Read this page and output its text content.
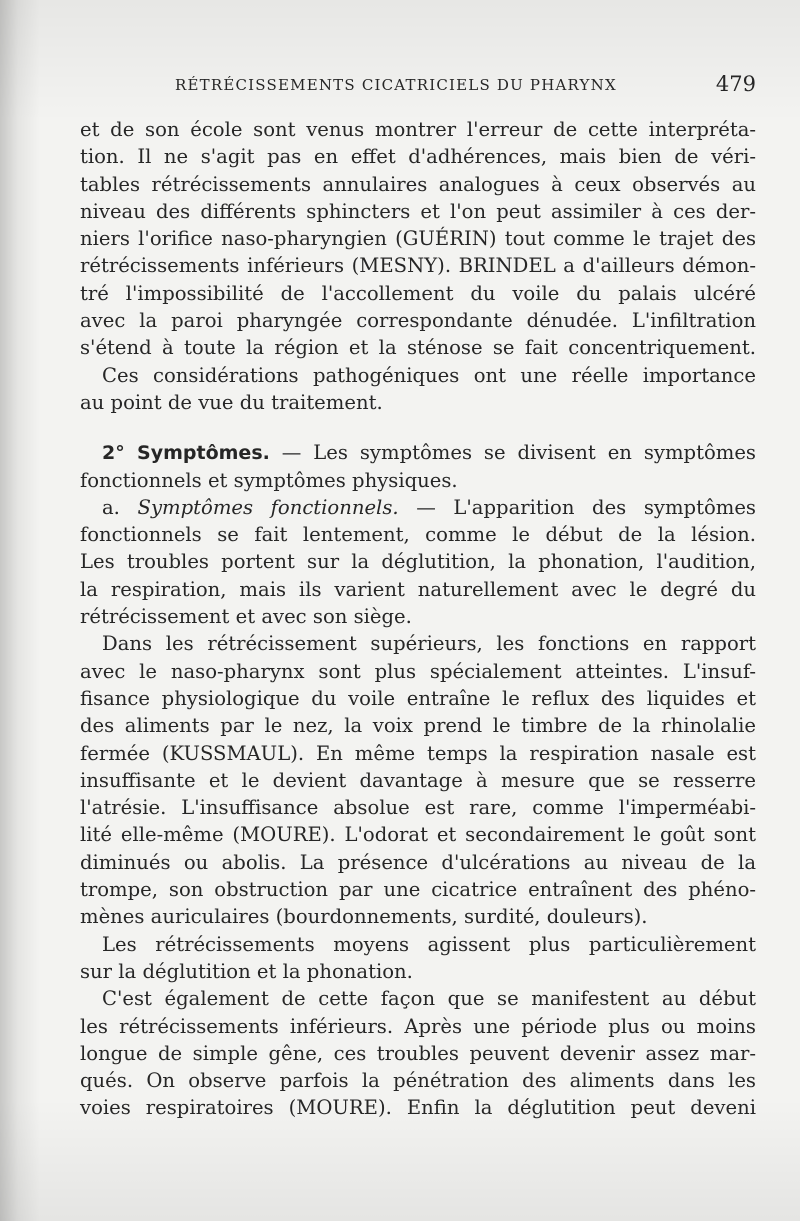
RÉTRÉCISSEMENTS CICATRICIELS DU PHARYNX	479
et de son école sont venus montrer l'erreur de cette interpréta-
tion. Il ne s'agit pas en effet d'adhérences, mais bien de véri-
tables rétrécissements annulaires analogues à ceux observés au
niveau des différents sphincters et l'on peut assimiler à ces der-
niers l'orifice naso-pharyngien (GUÉRIN) tout comme le trajet des
rétrécissements inférieurs (MESNY). BRINDEL a d'ailleurs démon-
tré l'impossibilité de l'accollement du voile du palais ulcéré
avec la paroi pharyngée correspondante dénudée. L'infiltration
s'étend à toute la région et la sténose se fait concentriquement.
Ces considérations pathogéniques ont une réelle importance
au point de vue du traitement.
2° Symptômes. — Les symptômes se divisent en symptômes
fonctionnels et symptômes physiques.
a. Symptômes fonctionnels. — L'apparition des symptômes
fonctionnels se fait lentement, comme le début de la lésion.
Les troubles portent sur la déglutition, la phonation, l'audition,
la respiration, mais ils varient naturellement avec le degré du
rétrécissement et avec son siège.
Dans les rétrécissement supérieurs, les fonctions en rapport
avec le naso-pharynx sont plus spécialement atteintes. L'insuf-
fisance physiologique du voile entraîne le reflux des liquides et
des aliments par le nez, la voix prend le timbre de la rhinolalie
fermée (KUSSMAUL). En même temps la respiration nasale est
insuffisante et le devient davantage à mesure que se resserre
l'atrésie. L'insuffisance absolue est rare, comme l'imperméabi-
lité elle-même (MOURE). L'odorat et secondairement le goût sont
diminués ou abolis. La présence d'ulcérations au niveau de la
trompe, son obstruction par une cicatrice entraînent des phéno-
mènes auriculaires (bourdonnements, surdité, douleurs).
Les rétrécissements moyens agissent plus particulièrement
sur la déglutition et la phonation.
C'est également de cette façon que se manifestent au début
les rétrécissements inférieurs. Après une période plus ou moins
longue de simple gêne, ces troubles peuvent devenir assez mar-
qués. On observe parfois la pénétration des aliments dans les
voies respiratoires (MOURE). Enfin la déglutition peut deveni
